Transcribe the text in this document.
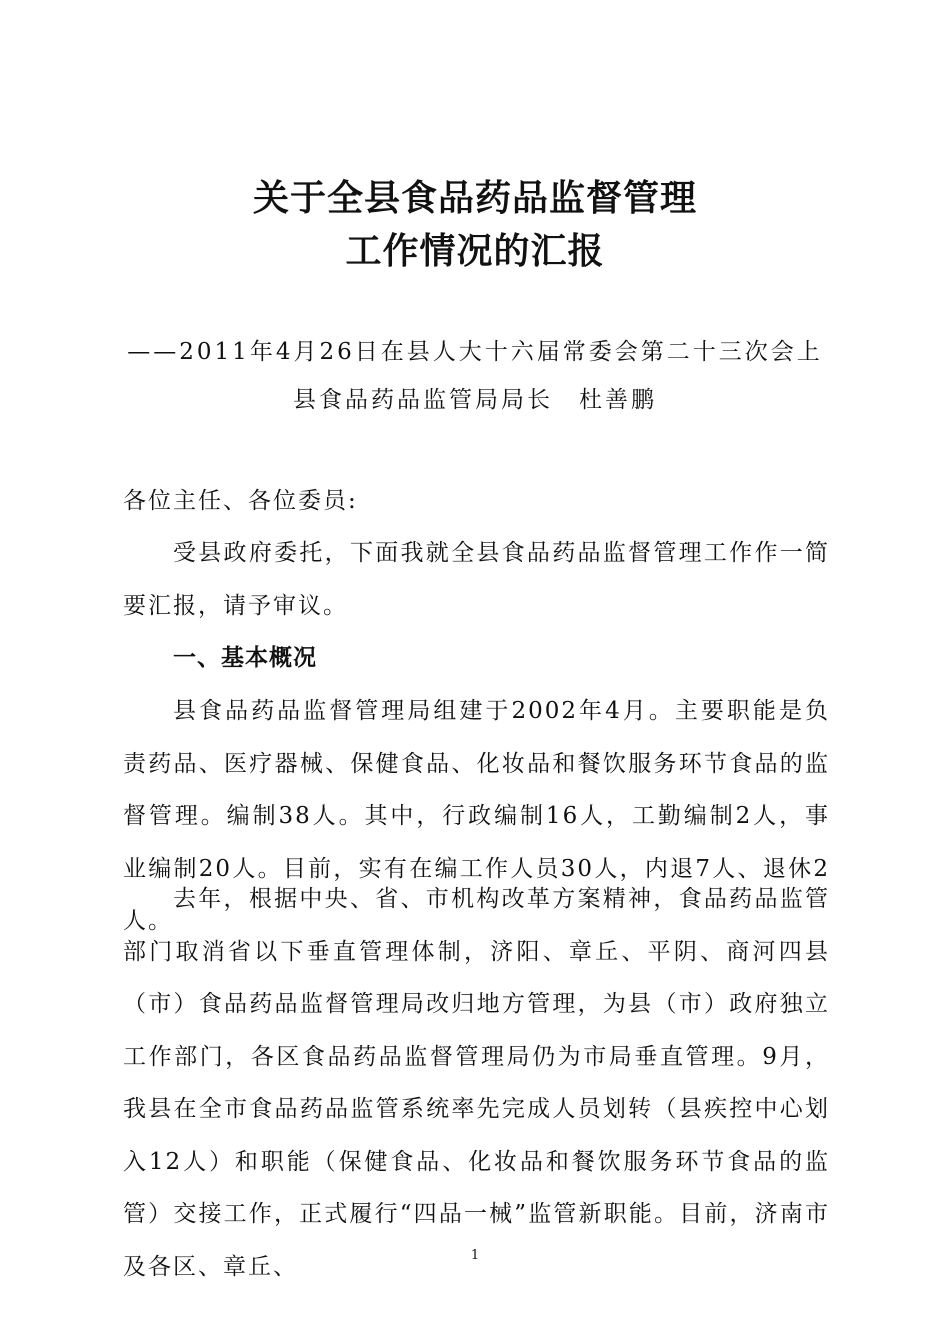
关于全县食品药品监督管理
工作情况的汇报
——2011年4月26日在县人大十六届常委会第二十三次会上
县食品药品监管局局长　杜善鹏

各位主任、各位委员:

受县政府委托，下面我就全县食品药品监督管理工作作一简要汇报，请予审议。

一、基本概况

县食品药品监督管理局组建于2002年4月。主要职能是负责药品、医疗器械、保健食品、化妆品和餐饮服务环节食品的监督管理。编制38人。其中，行政编制16人，工勤编制2人，事业编制20人。目前，实有在编工作人员30人，内退7人、退休2人。

去年，根据中央、省、市机构改革方案精神，食品药品监管部门取消省以下垂直管理体制，济阳、章丘、平阴、商河四县（市）食品药品监督管理局改归地方管理，为县（市）政府独立工作部门，各区食品药品监督管理局仍为市局垂直管理。9月，我县在全市食品药品监管系统率先完成人员划转（县疾控中心划入12人）和职能（保健食品、化妆品和餐饮服务环节食品的监管）交接工作，正式履行“四品一械”监管新职能。目前，济南市及各区、章丘、	1
